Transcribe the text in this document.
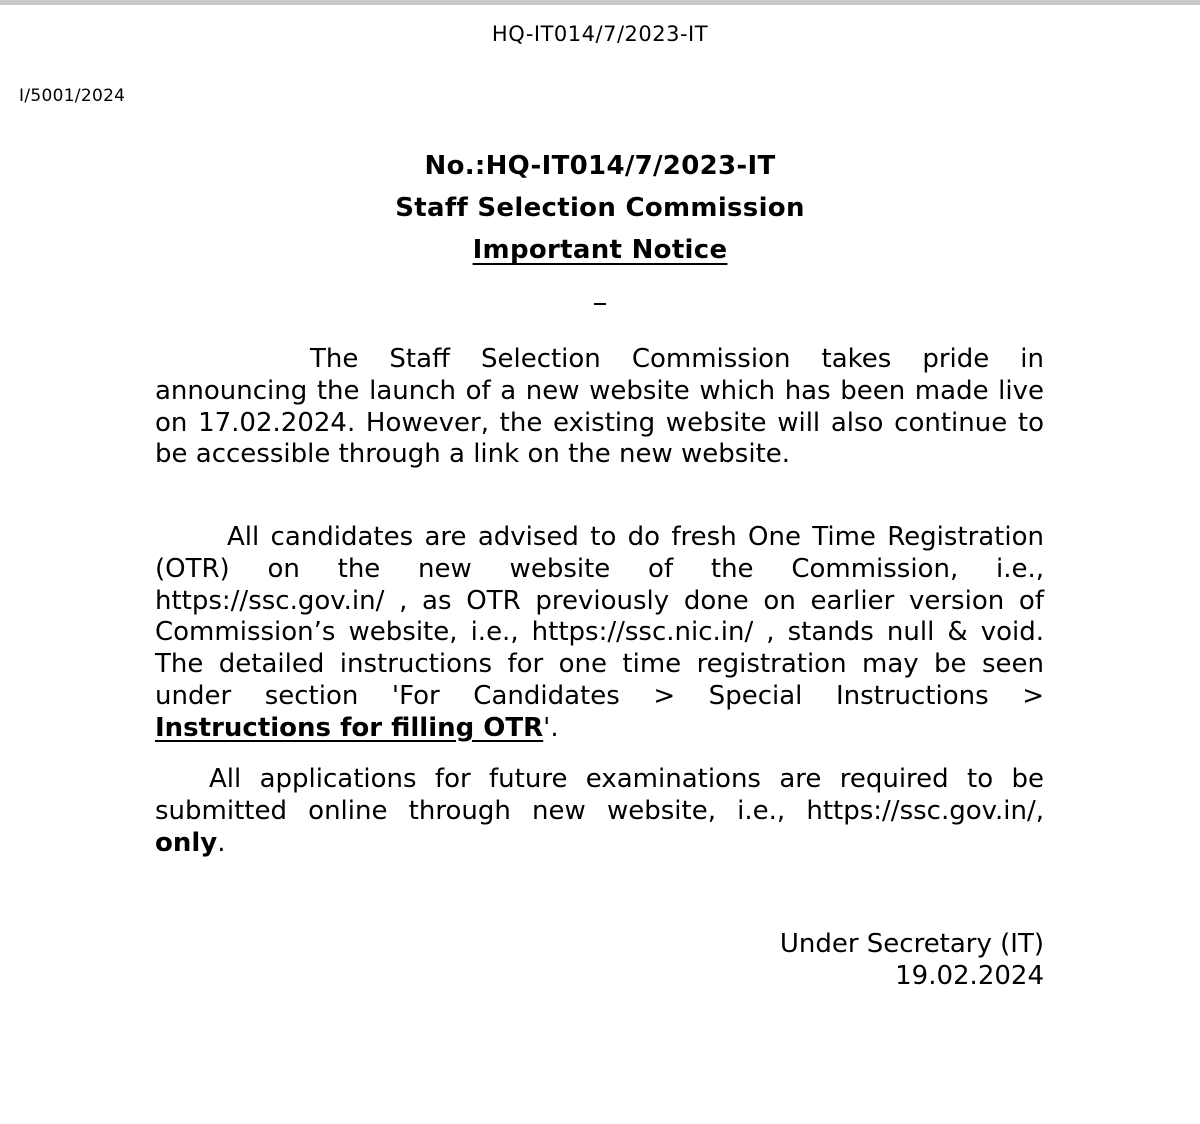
HQ-IT014/7/2023-IT
I/5001/2024
No.:HQ-IT014/7/2023-IT
Staff Selection Commission
Important Notice
The Staff Selection Commission takes pride in announcing the launch of a new website which has been made live on 17.02.2024. However, the existing website will also continue to be accessible through a link on the new website.
All candidates are advised to do fresh One Time Registration (OTR) on the new website of the Commission, i.e., https://ssc.gov.in/ , as OTR previously done on earlier version of Commission’s website, i.e., https://ssc.nic.in/ , stands null & void. The detailed instructions for one time registration may be seen under section 'For Candidates > Special Instructions > Instructions for filling OTR'.
All applications for future examinations are required to be submitted online through new website, i.e., https://ssc.gov.in/, only.
Under Secretary (IT)
19.02.2024
